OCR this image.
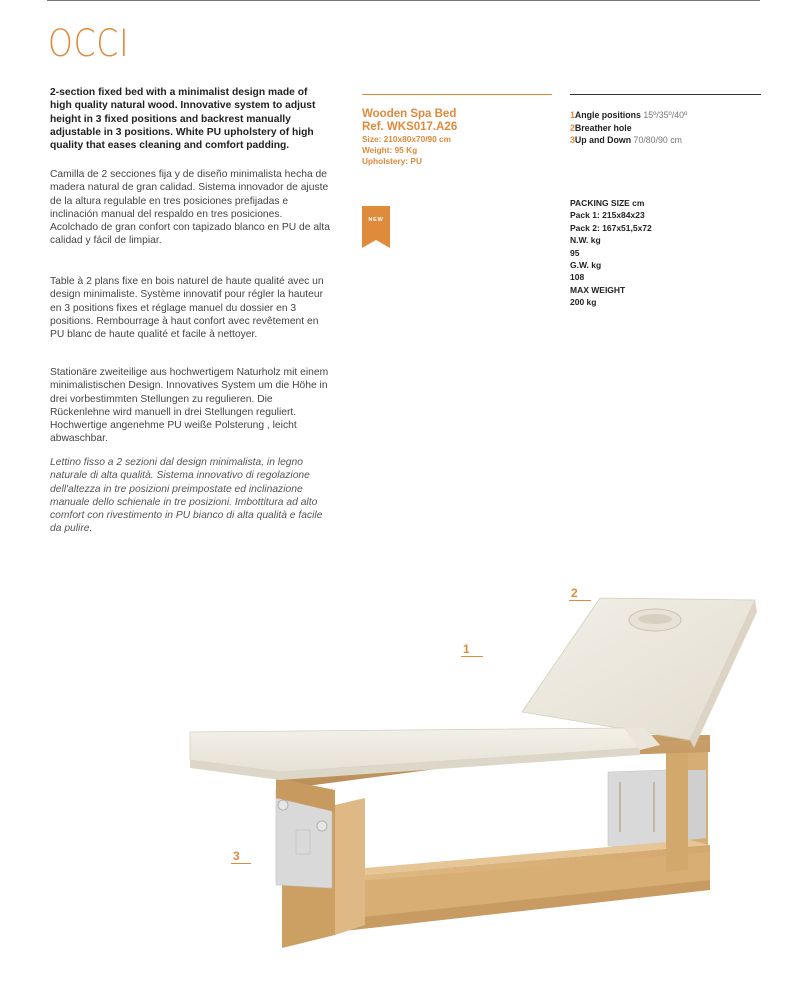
OCCI

2-section fixed bed with a minimalist design made of high quality natural wood. Innovative system to adjust height in 3 fixed positions and backrest manually adjustable in 3 positions. White PU upholstery of high quality that eases cleaning and comfort padding.

Camilla de 2 secciones fija y de diseño minimalista hecha de madera natural de gran calidad. Sistema innovador de ajuste de la altura regulable en tres posiciones prefijadas e inclinación manual del respaldo en tres posiciones. Acolchado de gran confort con tapizado blanco en PU de alta calidad y fácil de limpiar.

Table à 2 plans fixe en bois naturel de haute qualité avec un design minimaliste. Système innovatif pour régler la hauteur en 3 positions fixes et réglage manuel du dossier en 3 positions. Rembourrage à haut confort avec revêtement en PU blanc de haute qualité et facile à nettoyer.

Stationäre zweiteilige aus hochwertigem Naturholz mit einem minimalistischen Design. Innovatives System um die Höhe in drei vorbestimmten Stellungen zu regulieren. Die Rückenlehne wird manuell in drei Stellungen reguliert. Hochwertige angenehme PU weiße Polsterung , leicht abwaschbar.

Lettino fisso a 2 sezioni dal design minimalista, in legno naturale di alta qualità. Sistema innovativo di regolazione dell'altezza in tre posizioni preimpostate ed inclinazione manuale dello schienale in tre posizioni. Imbottitura ad alto comfort con rivestimento in PU bianco di alta qualità e facile da pulire.

Wooden Spa Bed
Ref. WKS017.A26
Size: 210x80x70/90 cm
Weight: 95 Kg
Upholstery: PU
NEW
1Angle positions 15º/35º/40º
2Breather hole
3Up and Down 70/80/90 cm
PACKING SIZE cm
Pack 1: 215x84x23
Pack 2: 167x51,5x72
N.W. kg
95
G.W. kg
108
MAX WEIGHT
200 kg
1
2
3
